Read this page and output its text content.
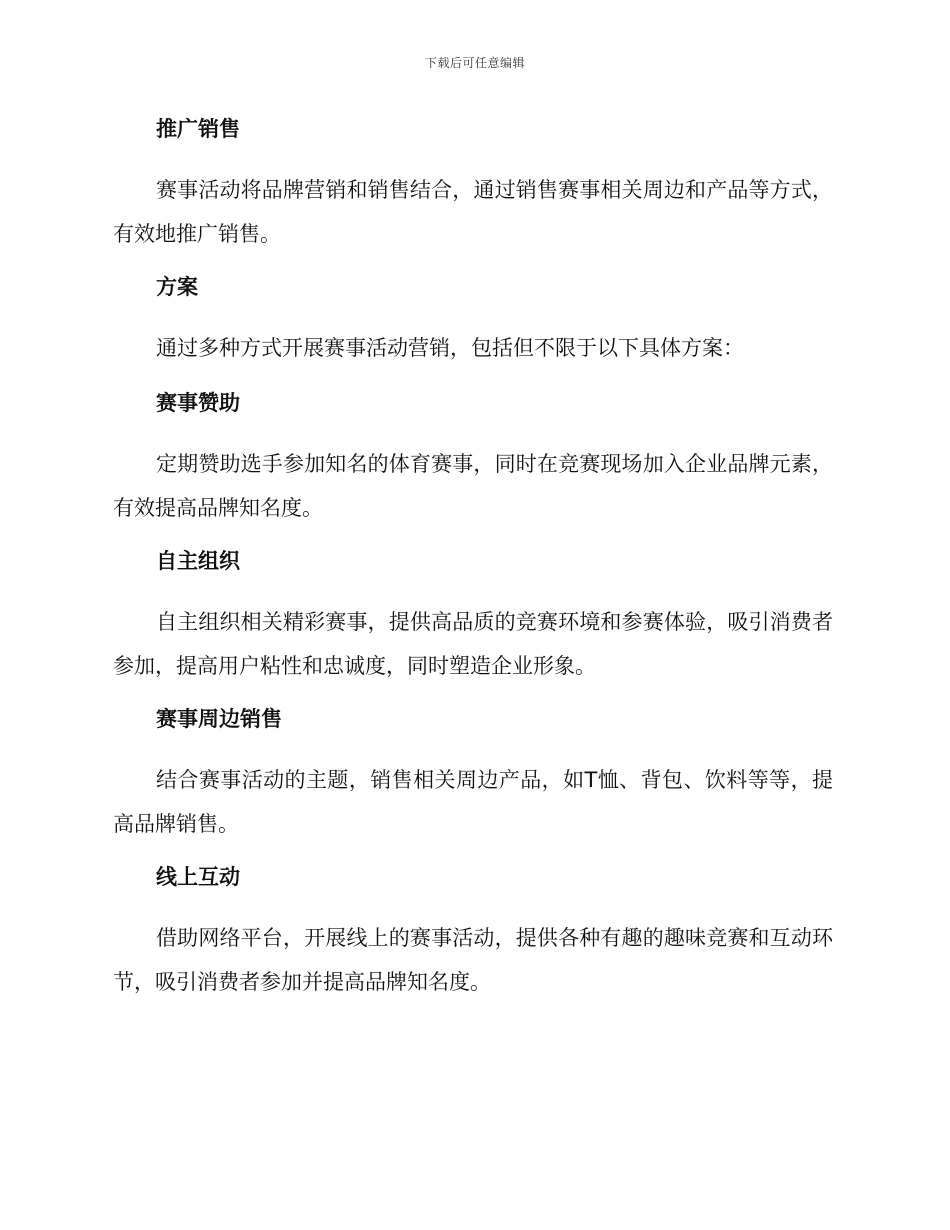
下载后可任意编辑
推广销售
赛事活动将品牌营销和销售结合，通过销售赛事相关周边和产品等方式，有效地推广销售。
方案
通过多种方式开展赛事活动营销，包括但不限于以下具体方案：
赛事赞助
定期赞助选手参加知名的体育赛事，同时在竞赛现场加入企业品牌元素，有效提高品牌知名度。
自主组织
自主组织相关精彩赛事，提供高品质的竞赛环境和参赛体验，吸引消费者参加，提高用户粘性和忠诚度，同时塑造企业形象。
赛事周边销售
结合赛事活动的主题，销售相关周边产品，如T恤、背包、饮料等等，提高品牌销售。
线上互动
借助网络平台，开展线上的赛事活动，提供各种有趣的趣味竞赛和互动环节，吸引消费者参加并提高品牌知名度。
